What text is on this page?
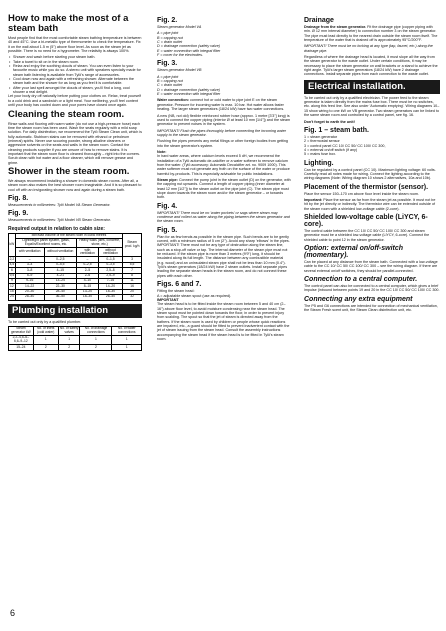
How to make the most of a steam bath

Most people find that the most comfortable steam bathing temperature is between 40 and 45°C. Use a bi-metallic type of thermometer to check the temperature. Fix it on the wall about 1.5 m (5") above floor level. As soon as the steam jet as possible. There is no need for a hygrometer. The relativity is always 100%.

• Shower and wash before starting your steam bath.
• Take a towel to sit on in the steam room.
• Relax and enjoy the soothing clouds of steam. You can even listen to your favourite music while you do so. A stereo unit with speakers specially made for steam bath listening is available from Tylö's range of accessories.
• Cool down now and again with a refreshing shower. Alternate between the steam bath and the shower for as long as you feel it is comfortable.
• After your last spell amongst the clouds of steam, you'll find a long, cool shower a real delight.

Let your body dry off naturally before putting your clothes on. Relax, treat yourself to a cold drink and a sandwich or a light meal. Your wellbeing, you'll feel content until your body has cooled down and your pores have closed once again.

Cleaning the steam room.

Rinse walls and flooring with warm water (do not use a high-pressure hose) each time the steam room has been used. Wash the seats regularly with a mild soap solution. For daily disinfection, we recommend the Tylö Steam Clean unit, which is fully automatic. Stubborn stains can be removed with ethanol or petroleum (mineral) spirits. Never use scouring powder, strong alkaline cleaners or aggressive solvents on the seats and walls in the steam room. Contact the cleaning products supplier if you are unsure of how to remove stains. It is important that the steam room floor is cleaned thoroughly – right into the corners. Scrub clean with hot water and a floor cleaner, which will remove grease and grime.

Shower in the steam room.

We always recommend installing a shower in domestic steam rooms. After all, a steam room also makes the best shower room imaginable. And it is so pleasant to cool off with an invigorating shower now and again during a steam bath.

Fig. 8.

Measurements in millimetres: Tylö Model VA Steam Generator.

Fig. 9.

Measurements in millimetres: Tylö Model VB Steam Generator.

Required output in relation to cabin size:
kW	Min/Max volume of the steam room in cubic metres				Steam prod. kg/h
	Lightweight panel system, glass, Expalin/Excellent rooms, etc.		Heavy walls (tiles, concrete, stone, etc.)		
	with ventilation	without ventilation	with ventilation	without ventilation	
2,2	–	0–2,5	–	0–1,5	3
4,5	3–4	0–5,5	0–2,5	0–3,5	5,5
6	3–8	4–15	2–5	2,5–8	7
9,5	5–9	4–21	2–6	2,5–9	8
9	9–16	13–24	4–10	7–16	11
12	14–22	22–30	8–15	14–20	16
15	20–30	28–40	13–20	18–30	20
24	28–40	36–50	18–30	26–40	32
Plumbing installation

To be carried out only by a qualified plumber.

Steam generator kW	No. of inlets (cold water)	No. of safety valves	No. of drainage connections	No. of water connections
2,2–4,5–6–6,6–9–12	1	1	1	1
15–24	2	2	2	1
Fig. 2.

Steam generator Model VA

A = pipe joint
B = capping nut
C = drain outlet
D = drainage connection (safety valve)
E = water connection with integral filter
F = cover for the electrodes.

Fig. 3.

Steam generator Model VB

A = pipe joint
B = capping nut
C = drain outlet
D = drainage connection (safety valve)
E = water connection with integral filter

Water connection: connect hot or cold water to pipe joint E on the steam generator. Pressure for incoming water is max. 10 bar. Hot water allows faster heating. The larger steam generators (18/24 kW) have two water connections.

A new (NB, not old) flexible reinforced rubber hose (approx. 1 metre [3'3"] long) is used to connect the copper piping (interior Ø at least 10 mm [1/4"]) and the steam generator to prevent noises in the system.

IMPORTANT! Flush the pipes thoroughly before connecting the incoming water supply to the steam generator.

Flushing the pipes prevents any metal filings or other foreign bodies from getting into the steam generator's system.

Note:
In hard water areas, where calcium levels exceed 5 dH, we recommend the installation of a Tylö automatic de-calcifier or a water softener to remove calcium from the water. (Tylö accessory: Automatic Decalcifier art. no. 9009 1000). This water softener must not generate any froth on the surface of the water or produce harmful by-products. This is especially advisable for public installations.

Steam pipe: Connect the pump joint in the steam outlet (D) on the generator, with the capping nut upwards. Connect a length of copper piping (inner diameter at least 12 mm [1/2"]) to the steam outlet on the pipe joint (C). The steam pipe must slope down towards the steam room and/or the steam generator – or towards both.

Fig. 4.

IMPORTANT! There must be no 'water pockets' or sags where steam may condense and collect as water along the piping between the steam generator and the steam room.

Fig. 5.

Plan for as few bends as possible in the steam pipe. Such bends are to be gently curved, with a minimum radius of 5 cm (2"). Avoid any sharp 'elbows' in the pipes. IMPORTANT! There must not be any type of obstruction along the steam line, such as a stop-off valve or tap. The internal diameter of the steam pipe must not be reduced. If the steam pipe is more than 3 metres (9'9") long, it should be insulated along its full length. The distance between any combustible material (e.g. wood) and an uninsulated steam pipe shall not be less than 10 mm (0.4"). Tylö's steam generators (18/24 kW) have 2 steam outlets. Install separate pipes leading the separate steam heads in the steam room, and do not connect these pipes with each other.

Figs. 6 and 7.

Fitting the steam head:
A = adjustable steam spout (use as required).
IMPORTANT
The steam head is to be fitted inside the steam room between 5 and 40 cm (2–16") above floor level, to avoid moisture condensing near the steam head. The steam spout must be pointed down towards the floor, in order to prevent injury from scalding. The spout so that the jet of steam is directed away from the bathers. If the steam room is used by children or people whose quick reactions are impaired, etc., a guard should be fitted to prevent inadvertent contact with the jet of steam issuing from the steam head. Consult the assembly instructions accompanying the steam head if the steam head is to be fitted in Tylö's steam room.

Drainage

Drainage from the steam generator. Fit the drainage pipe (copper piping with min. Ø 12 mm internal diameter) to connection number 3 on the steam generator. The pipe must lead directly to the nearest drain outside the steam room itself. The temperature of the water that is drained off is approximately 95°C/200°F.

IMPORTANT! There must be no locking at any type (tap, faucet, etc.) along the drainage pipe.

Regardless of where the drainage head is located, it must slope all the way from the steam generator to the waste outlet. Under certain conditions, it may be necessary to place the steam generator on wall brackets or a stand to achieve the right angle. Tylö's larger steam generators (18/24 kW) have 2 drainage connections. Install separate pipes from each connection to the waste outlet.

Electrical installation.

To be carried out only by a qualified electrician. The power feed to the steam generator is taken directly from the mains fuse box. There must be no switches, etc. along this feed line. See also under 'Automatic emptying'. Wiring diagrams 10–15 show wiring to one kW on VB generator. Two steam generators can be linked to the same steam room and controlled by a control panel, see fig. 16.

Don't forget to earth the unit!

Fig. 1 – steam bath.

1 = steam generator
2 = thermostat sensor
3 = control panel CC 10/ CC 50/ CC 100/ CC 300,
4 = external on/off switch (if any)
5 = mains fuse box.

Lighting.

Can be regulated by a control panel (CC 10). Maximum lighting voltage: 60 volts. Carefully read all notes made for wiring. Connect the lighting according to the wiring diagrams (Note: Wiring diagram 10 shows 2 alternatives, 10a and 10b).

Placement of the thermistor (sensor).

Place the sensor 150–170 cm above floor level inside the steam room.

Important: Place the sensor as far from the steam jet as possible. It must not be hit by the jet directly or indirectly. The thermistor wire can be extended outside of the steam room with a shielded low-voltage cable (2-core).

Shielded low-voltage cable (LiYCY, 6-core).

The control cable between the CC 10/ CC 50/ CC 100/ CC 300 and steam generator must be a shielded low-voltage cable (LiYCY, 6-core). Connect the shielded cable to point 12 in the steam generator.

Option: external on/off-switch (momentary).

Can be placed at any distance from the steam bath. Connected with a low-voltage cable to the CC 10/ CC 50/ CC 100/ CC 300 – see the wiring diagram. If there are several external on/off switches, they should be parallel-connected.

Connection to a central computer.

The control panel can also be connected to a central computer, which gives a brief impulse (inbound between points 19 and 20 in the CC 10/ CC 50/ CC 100/ CC 300.

Connecting any extra equipment

The P5 and G6 connections are intended for connection of mechanical ventilation, the Steam Fresh scent unit, the Steam Clean disinfection unit, etc.

6
